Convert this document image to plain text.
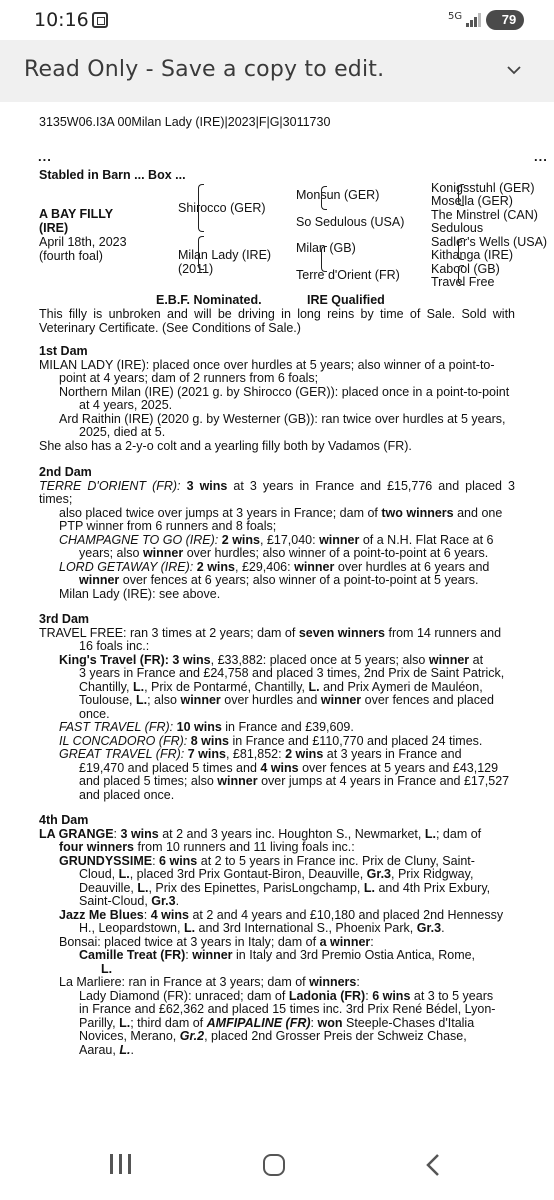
10:16	5G	79
Read Only - Save a copy to edit.
3135W06.I3A 00Milan Lady (IRE)|2023|F|G|3011730
...	...
Stabled in Barn ... Box ...
A BAY FILLY
(IRE)
April 18th, 2023
(fourth foal)
Shirocco (GER)
Milan Lady (IRE)
(2011)
Monsun (GER)
So Sedulous (USA)
Milan (GB)
Terre d'Orient (FR)
Konigsstuhl (GER)
Mosella (GER)
The Minstrel (CAN)
Sedulous
Sadler's Wells (USA)
Kithanga (IRE)
Kabool (GB)
Travel Free
E.B.F. Nominated.	IRE Qualified
This filly is unbroken and will be driving in long reins by time of Sale. Sold with Veterinary Certificate. (See Conditions of Sale.)
1st Dam
MILAN LADY (IRE): placed once over hurdles at 5 years; also winner of a point-to-
point at 4 years; dam of 2 runners from 6 foals;
Northern Milan (IRE) (2021 g. by Shirocco (GER)): placed once in a point-to-point
at 4 years, 2025.
Ard Raithin (IRE) (2020 g. by Westerner (GB)): ran twice over hurdles at 5 years,
2025, died at 5.
She also has a 2-y-o colt and a yearling filly both by Vadamos (FR).
2nd Dam
TERRE D'ORIENT (FR): 3 wins at 3 years in France and £15,776 and placed 3 times;
also placed twice over jumps at 3 years in France; dam of two winners and one
PTP winner from 6 runners and 8 foals;
CHAMPAGNE TO GO (IRE): 2 wins, £17,040: winner of a N.H. Flat Race at 6
years; also winner over hurdles; also winner of a point-to-point at 6 years.
LORD GETAWAY (IRE): 2 wins, £29,406: winner over hurdles at 6 years and
winner over fences at 6 years; also winner of a point-to-point at 5 years.
Milan Lady (IRE): see above.
3rd Dam
TRAVEL FREE: ran 3 times at 2 years; dam of seven winners from 14 runners and
16 foals inc.:
King's Travel (FR): 3 wins, £33,882: placed once at 5 years; also winner at
3 years in France and £24,758 and placed 3 times, 2nd Prix de Saint Patrick,
Chantilly, L., Prix de Pontarmé, Chantilly, L. and Prix Aymeri de Mauléon,
Toulouse, L.; also winner over hurdles and winner over fences and placed
once.
FAST TRAVEL (FR): 10 wins in France and £39,609.
IL CONCADORO (FR): 8 wins in France and £110,770 and placed 24 times.
GREAT TRAVEL (FR): 7 wins, £81,852: 2 wins at 3 years in France and
£19,470 and placed 5 times and 4 wins over fences at 5 years and £43,129
and placed 5 times; also winner over jumps at 4 years in France and £17,527
and placed once.
4th Dam
LA GRANGE: 3 wins at 2 and 3 years inc. Houghton S., Newmarket, L.; dam of
four winners from 10 runners and 11 living foals inc.:
GRUNDYSSIME: 6 wins at 2 to 5 years in France inc. Prix de Cluny, Saint-
Cloud, L., placed 3rd Prix Gontaut-Biron, Deauville, Gr.3, Prix Ridgway,
Deauville, L., Prix des Epinettes, ParisLongchamp, L. and 4th Prix Exbury,
Saint-Cloud, Gr.3.
Jazz Me Blues: 4 wins at 2 and 4 years and £10,180 and placed 2nd Hennessy
H., Leopardstown, L. and 3rd International S., Phoenix Park, Gr.3.
Bonsai: placed twice at 3 years in Italy; dam of a winner:
Camille Treat (FR): winner in Italy and 3rd Premio Ostia Antica, Rome,
L.
La Marliere: ran in France at 3 years; dam of winners:
Lady Diamond (FR): unraced; dam of Ladonia (FR): 6 wins at 3 to 5 years
in France and £62,362 and placed 15 times inc. 3rd Prix René Bédel, Lyon-
Parilly, L.; third dam of AMFIPALINE (FR): won Steeple-Chases d'Italia
Novices, Merano, Gr.2, placed 2nd Grosser Preis der Schweiz Chase,
Aarau, L..
